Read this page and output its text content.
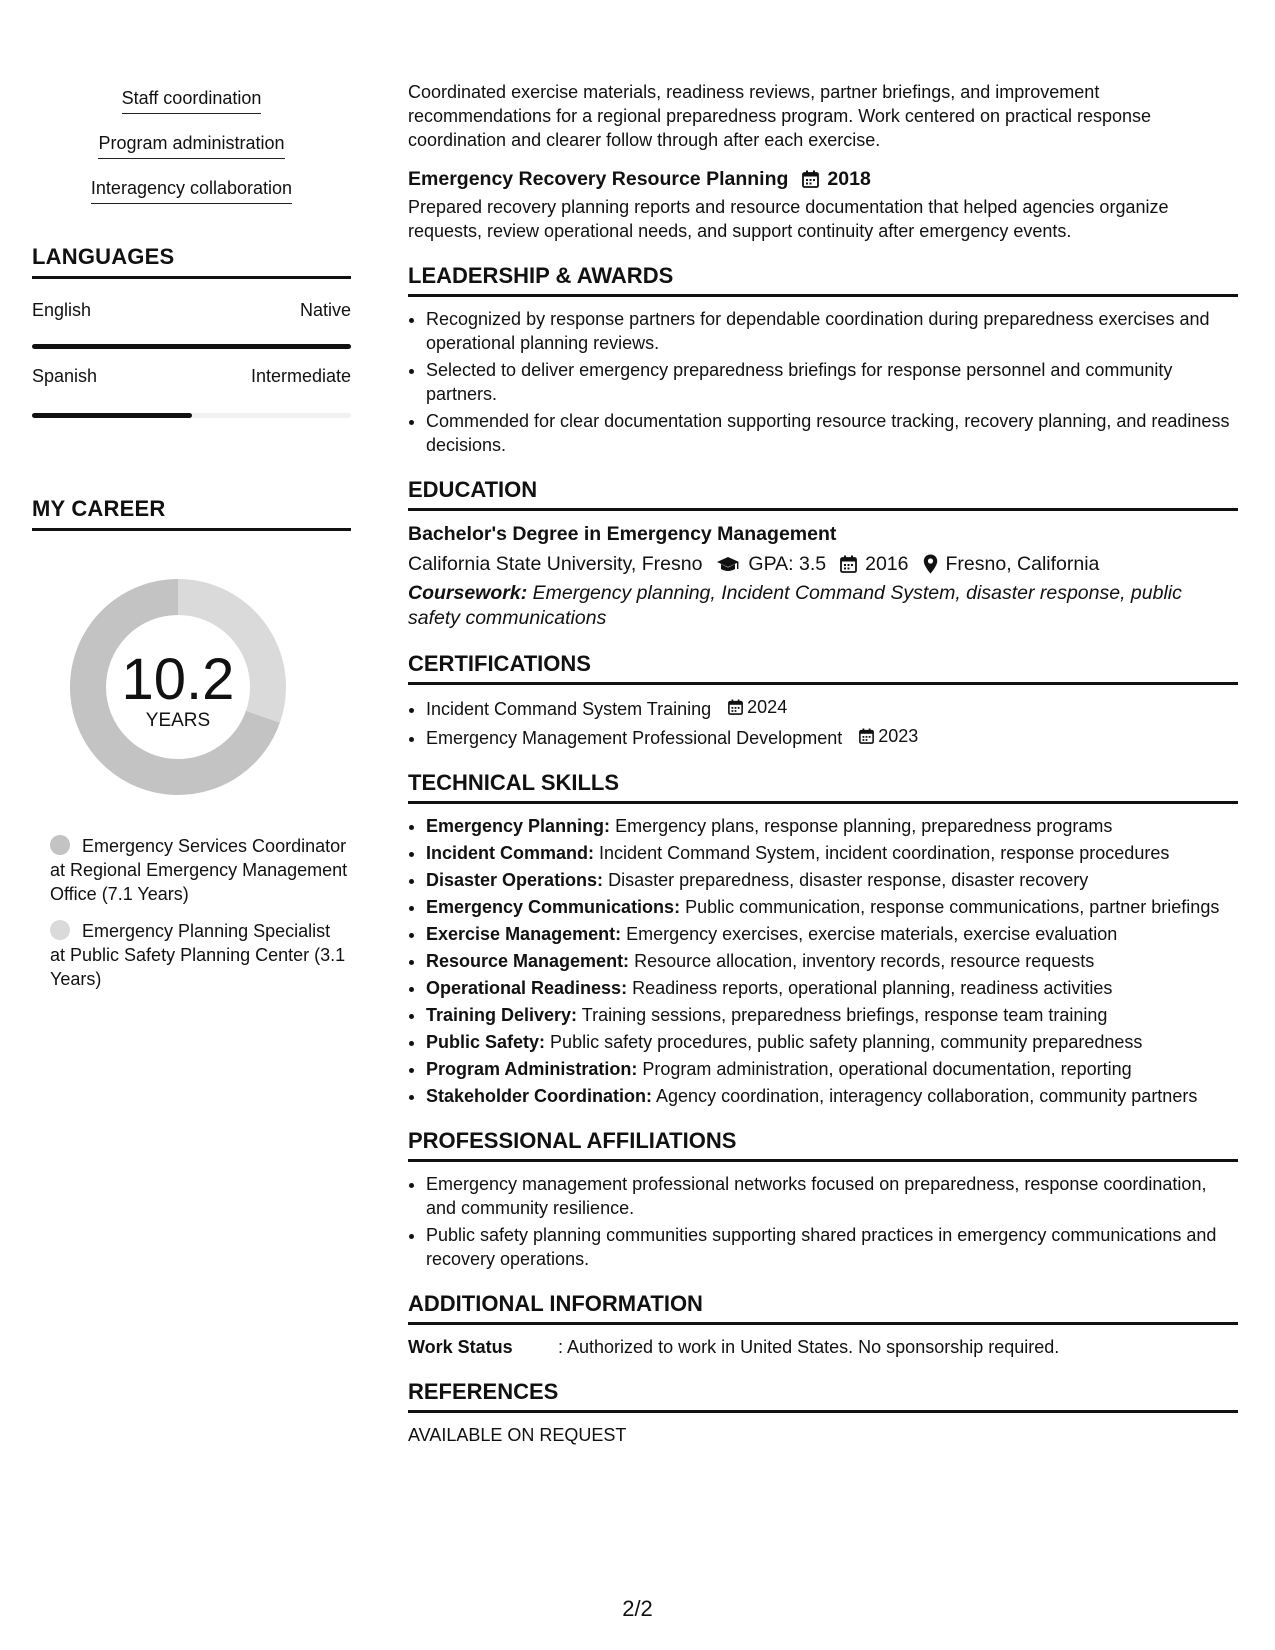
Staff coordination
Program administration
Interagency collaboration
LANGUAGES
English	Native
Spanish	Intermediate
MY CAREER
10.2
YEARS
Emergency Services Coordinator at Regional Emergency Management Office (7.1 Years)
Emergency Planning Specialist at Public Safety Planning Center (3.1 Years)

Coordinated exercise materials, readiness reviews, partner briefings, and improvement recommendations for a regional preparedness program. Work centered on practical response coordination and clearer follow through after each exercise.

Emergency Recovery Resource Planning 2018

Prepared recovery planning reports and resource documentation that helped agencies organize requests, review operational needs, and support continuity after emergency events.

LEADERSHIP & AWARDS
• Recognized by response partners for dependable coordination during preparedness exercises and operational planning reviews.
• Selected to deliver emergency preparedness briefings for response personnel and community partners.
• Commended for clear documentation supporting resource tracking, recovery planning, and readiness decisions.
EDUCATION
Bachelor's Degree in Emergency Management
California State University, Fresno GPA: 3.5 2016 Fresno, California
Coursework: Emergency planning, Incident Command System, disaster response, public safety communications
CERTIFICATIONS
• Incident Command System Training 2024
• Emergency Management Professional Development 2023
TECHNICAL SKILLS
• Emergency Planning: Emergency plans, response planning, preparedness programs
• Incident Command: Incident Command System, incident coordination, response procedures
• Disaster Operations: Disaster preparedness, disaster response, disaster recovery
• Emergency Communications: Public communication, response communications, partner briefings
• Exercise Management: Emergency exercises, exercise materials, exercise evaluation
• Resource Management: Resource allocation, inventory records, resource requests
• Operational Readiness: Readiness reports, operational planning, readiness activities
• Training Delivery: Training sessions, preparedness briefings, response team training
• Public Safety: Public safety procedures, public safety planning, community preparedness
• Program Administration: Program administration, operational documentation, reporting
• Stakeholder Coordination: Agency coordination, interagency collaboration, community partners
PROFESSIONAL AFFILIATIONS
• Emergency management professional networks focused on preparedness, response coordination, and community resilience.
• Public safety planning communities supporting shared practices in emergency communications and recovery operations.
ADDITIONAL INFORMATION
Work Status	: Authorized to work in United States. No sponsorship required.
REFERENCES
AVAILABLE ON REQUEST
2/2
